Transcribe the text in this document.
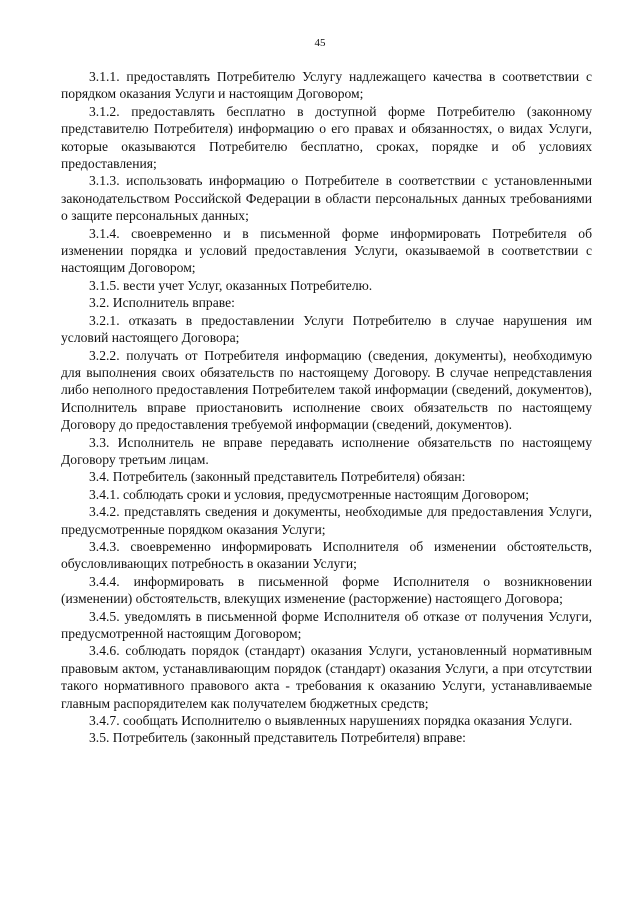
45

3.1.1. предоставлять Потребителю Услугу надлежащего качества в соответствии с порядком оказания Услуги и настоящим Договором;

3.1.2. предоставлять бесплатно в доступной форме Потребителю (законному представителю Потребителя) информацию о его правах и обязанностях, о видах Услуги, которые оказываются Потребителю бесплатно, сроках, порядке и об условиях предоставления;

3.1.3. использовать информацию о Потребителе в соответствии с установленными законодательством Российской Федерации в области персональных данных требованиями о защите персональных данных;

3.1.4. своевременно и в письменной форме информировать Потребителя об изменении порядка и условий предоставления Услуги, оказываемой в соответствии с настоящим Договором;

3.1.5. вести учет Услуг, оказанных Потребителю.

3.2. Исполнитель вправе:

3.2.1. отказать в предоставлении Услуги Потребителю в случае нарушения им условий настоящего Договора;

3.2.2. получать от Потребителя информацию (сведения, документы), необходимую для выполнения своих обязательств по настоящему Договору. В случае непредставления либо неполного предоставления Потребителем такой информации (сведений, документов), Исполнитель вправе приостановить исполнение своих обязательств по настоящему Договору до предоставления требуемой информации (сведений, документов).

3.3. Исполнитель не вправе передавать исполнение обязательств по настоящему Договору третьим лицам.

3.4. Потребитель (законный представитель Потребителя) обязан:

3.4.1. соблюдать сроки и условия, предусмотренные настоящим Договором;

3.4.2. представлять сведения и документы, необходимые для предоставления Услуги, предусмотренные порядком оказания Услуги;

3.4.3. своевременно информировать Исполнителя об изменении обстоятельств, обусловливающих потребность в оказании Услуги;

3.4.4. информировать в письменной форме Исполнителя о возникновении (изменении) обстоятельств, влекущих изменение (расторжение) настоящего Договора;

3.4.5. уведомлять в письменной форме Исполнителя об отказе от получения Услуги, предусмотренной настоящим Договором;

3.4.6. соблюдать порядок (стандарт) оказания Услуги, установленный нормативным правовым актом, устанавливающим порядок (стандарт) оказания Услуги, а при отсутствии такого нормативного правового акта - требования к оказанию Услуги, устанавливаемые главным распорядителем как получателем бюджетных средств;

3.4.7. сообщать Исполнителю о выявленных нарушениях порядка оказания Услуги.

3.5. Потребитель (законный представитель Потребителя) вправе:
